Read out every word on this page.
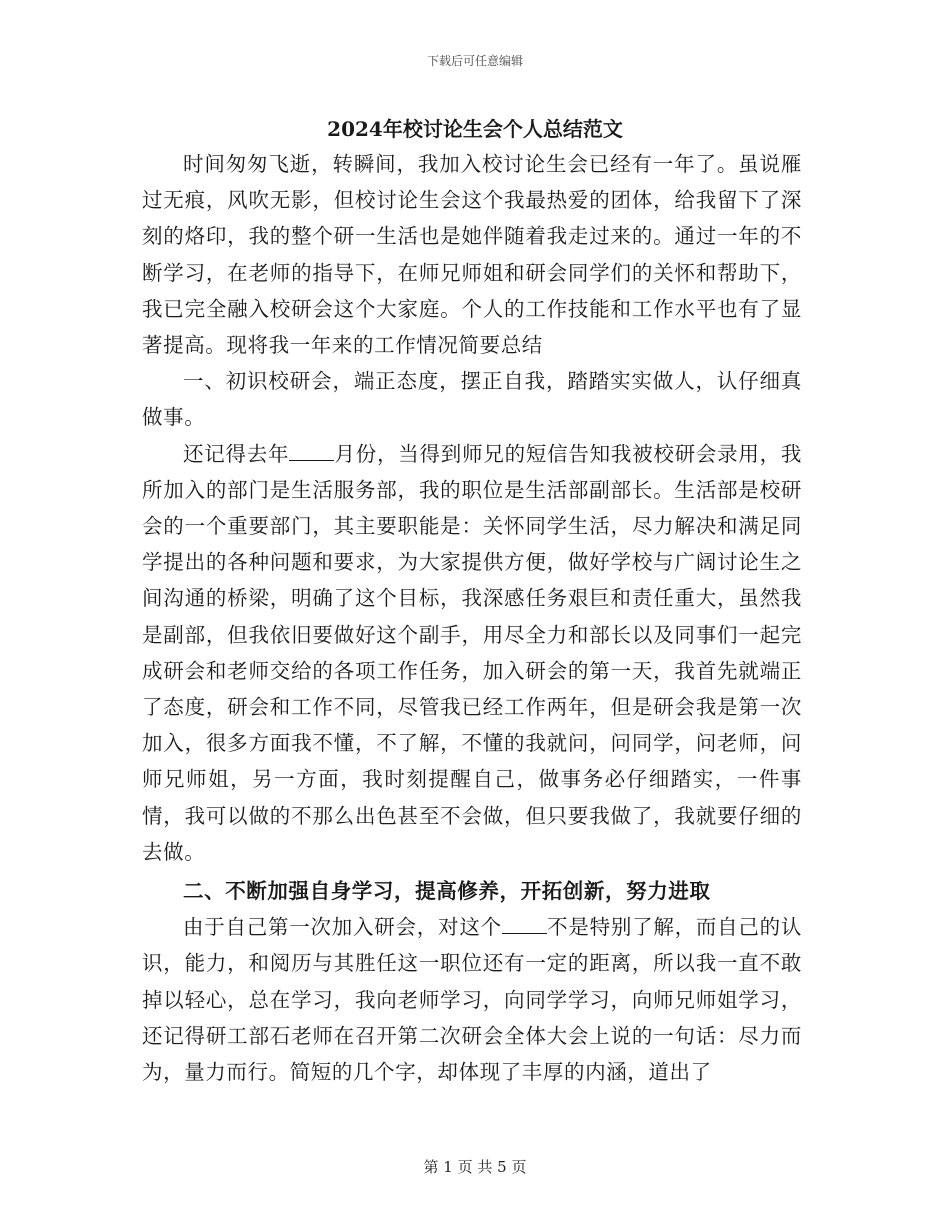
下载后可任意编辑
2024年校讨论生会个人总结范文

时间匆匆飞逝，转瞬间，我加入校讨论生会已经有一年了。虽说雁过无痕，风吹无影，但校讨论生会这个我最热爱的团体，给我留下了深刻的烙印，我的整个研一生活也是她伴随着我走过来的。通过一年的不断学习，在老师的指导下，在师兄师姐和研会同学们的关怀和帮助下，我已完全融入校研会这个大家庭。个人的工作技能和工作水平也有了显著提高。现将我一年来的工作情况简要总结

一、初识校研会，端正态度，摆正自我，踏踏实实做人，认仔细真做事。

还记得去年 月份，当得到师兄的短信告知我被校研会录用，我所加入的部门是生活服务部，我的职位是生活部副部长。生活部是校研会的一个重要部门，其主要职能是：关怀同学生活，尽力解决和满足同学提出的各种问题和要求，为大家提供方便，做好学校与广阔讨论生之间沟通的桥梁，明确了这个目标，我深感任务艰巨和责任重大，虽然我是副部，但我依旧要做好这个副手，用尽全力和部长以及同事们一起完成研会和老师交给的各项工作任务，加入研会的第一天，我首先就端正了态度，研会和工作不同，尽管我已经工作两年，但是研会我是第一次加入，很多方面我不懂，不了解，不懂的我就问，问同学，问老师，问师兄师姐，另一方面，我时刻提醒自己，做事务必仔细踏实，一件事情，我可以做的不那么出色甚至不会做，但只要我做了，我就要仔细的去做。

二、不断加强自身学习，提高修养，开拓创新，努力进取

由于自己第一次加入研会，对这个 不是特别了解，而自己的认识，能力，和阅历与其胜任这一职位还有一定的距离，所以我一直不敢掉以轻心，总在学习，我向老师学习，向同学学习，向师兄师姐学习，还记得研工部石老师在召开第二次研会全体大会上说的一句话：尽力而为，量力而行。简短的几个字，却体现了丰厚的内涵，道出了

第 1 页 共 5 页
